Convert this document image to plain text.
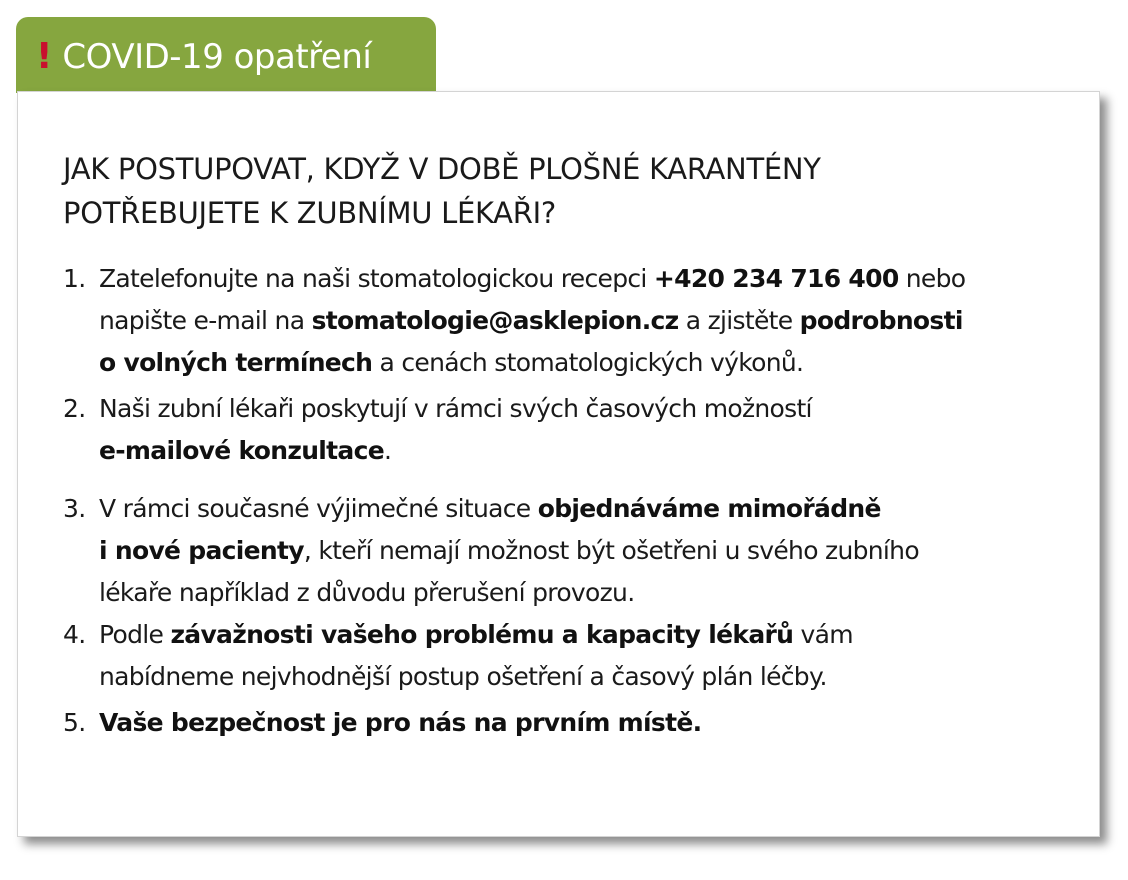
! COVID-19 opatření
JAK POSTUPOVAT, KDYŽ V DOBĚ PLOŠNÉ KARANTÉNY
POTŘEBUJETE K ZUBNÍMU LÉKAŘI?
1. Zatelefonujte na naši stomatologickou recepci +420 234 716 400 nebo
napište e-mail na stomatologie@asklepion.cz a zjistěte podrobnosti
o volných termínech a cenách stomatologických výkonů.
2. Naši zubní lékaři poskytují v rámci svých časových možností
e-mailové konzultace.
3. V rámci současné výjimečné situace objednáváme mimořádně
i nové pacienty, kteří nemají možnost být ošetřeni u svého zubního
lékaře například z důvodu přerušení provozu.
4. Podle závažnosti vašeho problému a kapacity lékařů vám
nabídneme nejvhodnější postup ošetření a časový plán léčby.
5. Vaše bezpečnost je pro nás na prvním místě.
